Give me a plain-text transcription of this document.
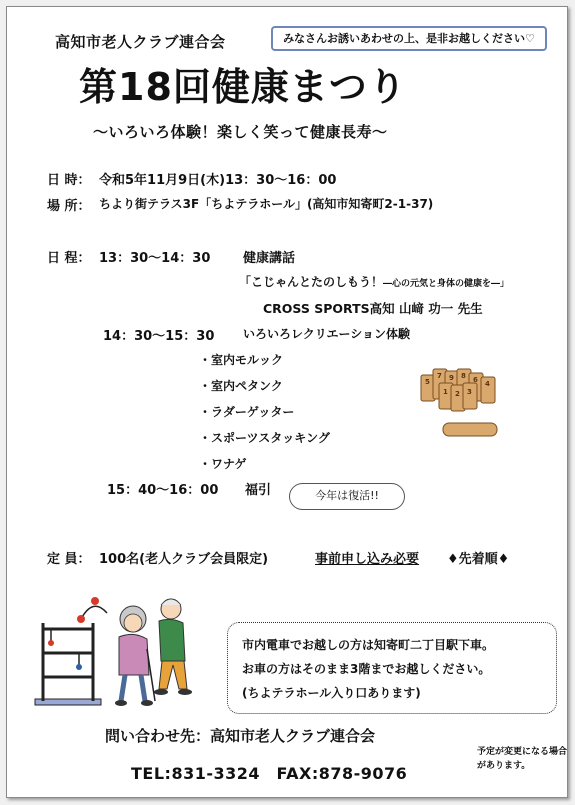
高知市老人クラブ連合会	みなさんお誘いあわせの上、是非お越しください♡
第18回健康まつり
～いろいろ体験！楽しく笑って健康長寿～
日 時： 令和5年11月9日(木)13：30～16：00
場 所： ちより街テラス3F「ちよテラホール」(高知市知寄町2-1-37)
日 程： 13：30～14：30	健康講話
「こじゃんとたのしもう！―心の元気と身体の健康を―」
CROSS SPORTS高知 山﨑 功一 先生
14：30～15：30 いろいろレクリエーション体験
・室内モルック
・室内ペタンク
・ラダーゲッター
・スポーツスタッキング
・ワナゲ
5
7 9 8 6 4
1 2 3
15：40～16：00 福引	今年は復活!!
定 員： 100名(老人クラブ会員限定)	事前申し込み必要 ♦先着順♦
市内電車でお越しの方は知寄町二丁目駅下車。
お車の方はそのまま3階までお越しください。
(ちよテラホール入り口あります)
問い合わせ先：高知市老人クラブ連合会
TEL:831-3324　FAX:878-9076
予定が変更になる場合があります。
